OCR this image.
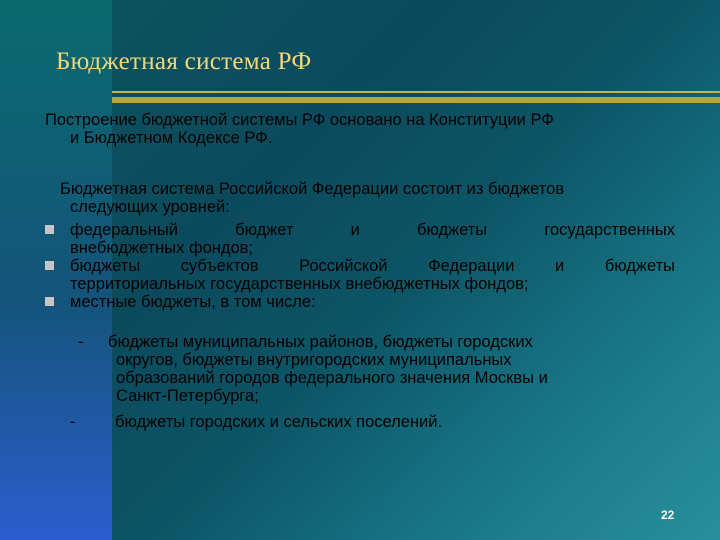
Бюджетная система РФ
Построение бюджетной системы РФ основано на Конституции РФ
и Бюджетном Кодексе РФ.
Бюджетная система Российской Федерации состоит из бюджетов
следующих уровней:
федеральный бюджет и бюджеты государственных
внебюджетных фондов;
бюджеты субъектов Российской Федерации и бюджеты
территориальных государственных внебюджетных фондов;
местные бюджеты, в том числе:
-	бюджеты муниципальных районов, бюджеты городских
округов, бюджеты внутригородских муниципальных
образований городов федерального значения Москвы и
Санкт-Петербурга;
-	бюджеты городских и сельских поселений.
22
